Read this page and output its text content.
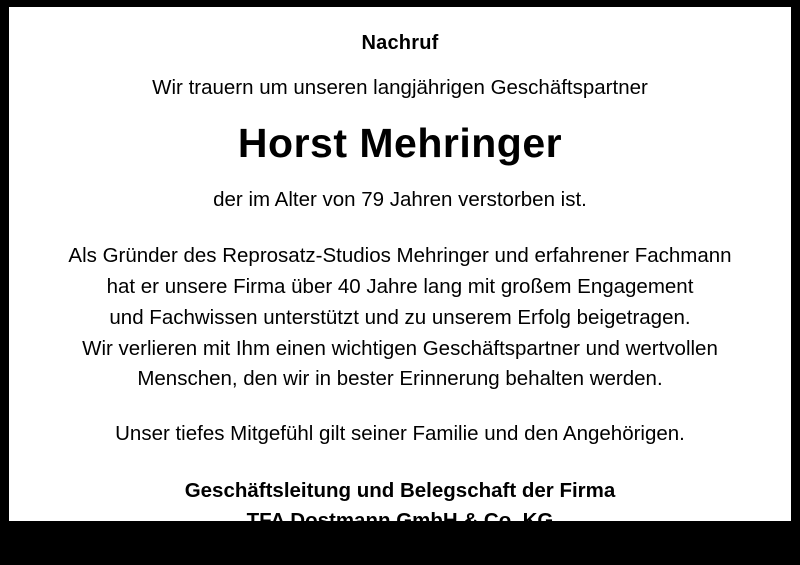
Nachruf
Wir trauern um unseren langjährigen Geschäftspartner
Horst Mehringer
der im Alter von 79 Jahren verstorben ist.
Als Gründer des Reprosatz-Studios Mehringer und erfahrener Fachmann
hat er unsere Firma über 40 Jahre lang mit großem Engagement
und Fachwissen unterstützt und zu unserem Erfolg beigetragen.
Wir verlieren mit Ihm einen wichtigen Geschäftspartner und wertvollen
Menschen, den wir in bester Erinnerung behalten werden.
Unser tiefes Mitgefühl gilt seiner Familie und den Angehörigen.
Geschäftsleitung und Belegschaft der Firma
TFA Dostmann GmbH & Co. KG
Wertheim-Reicholzheim
